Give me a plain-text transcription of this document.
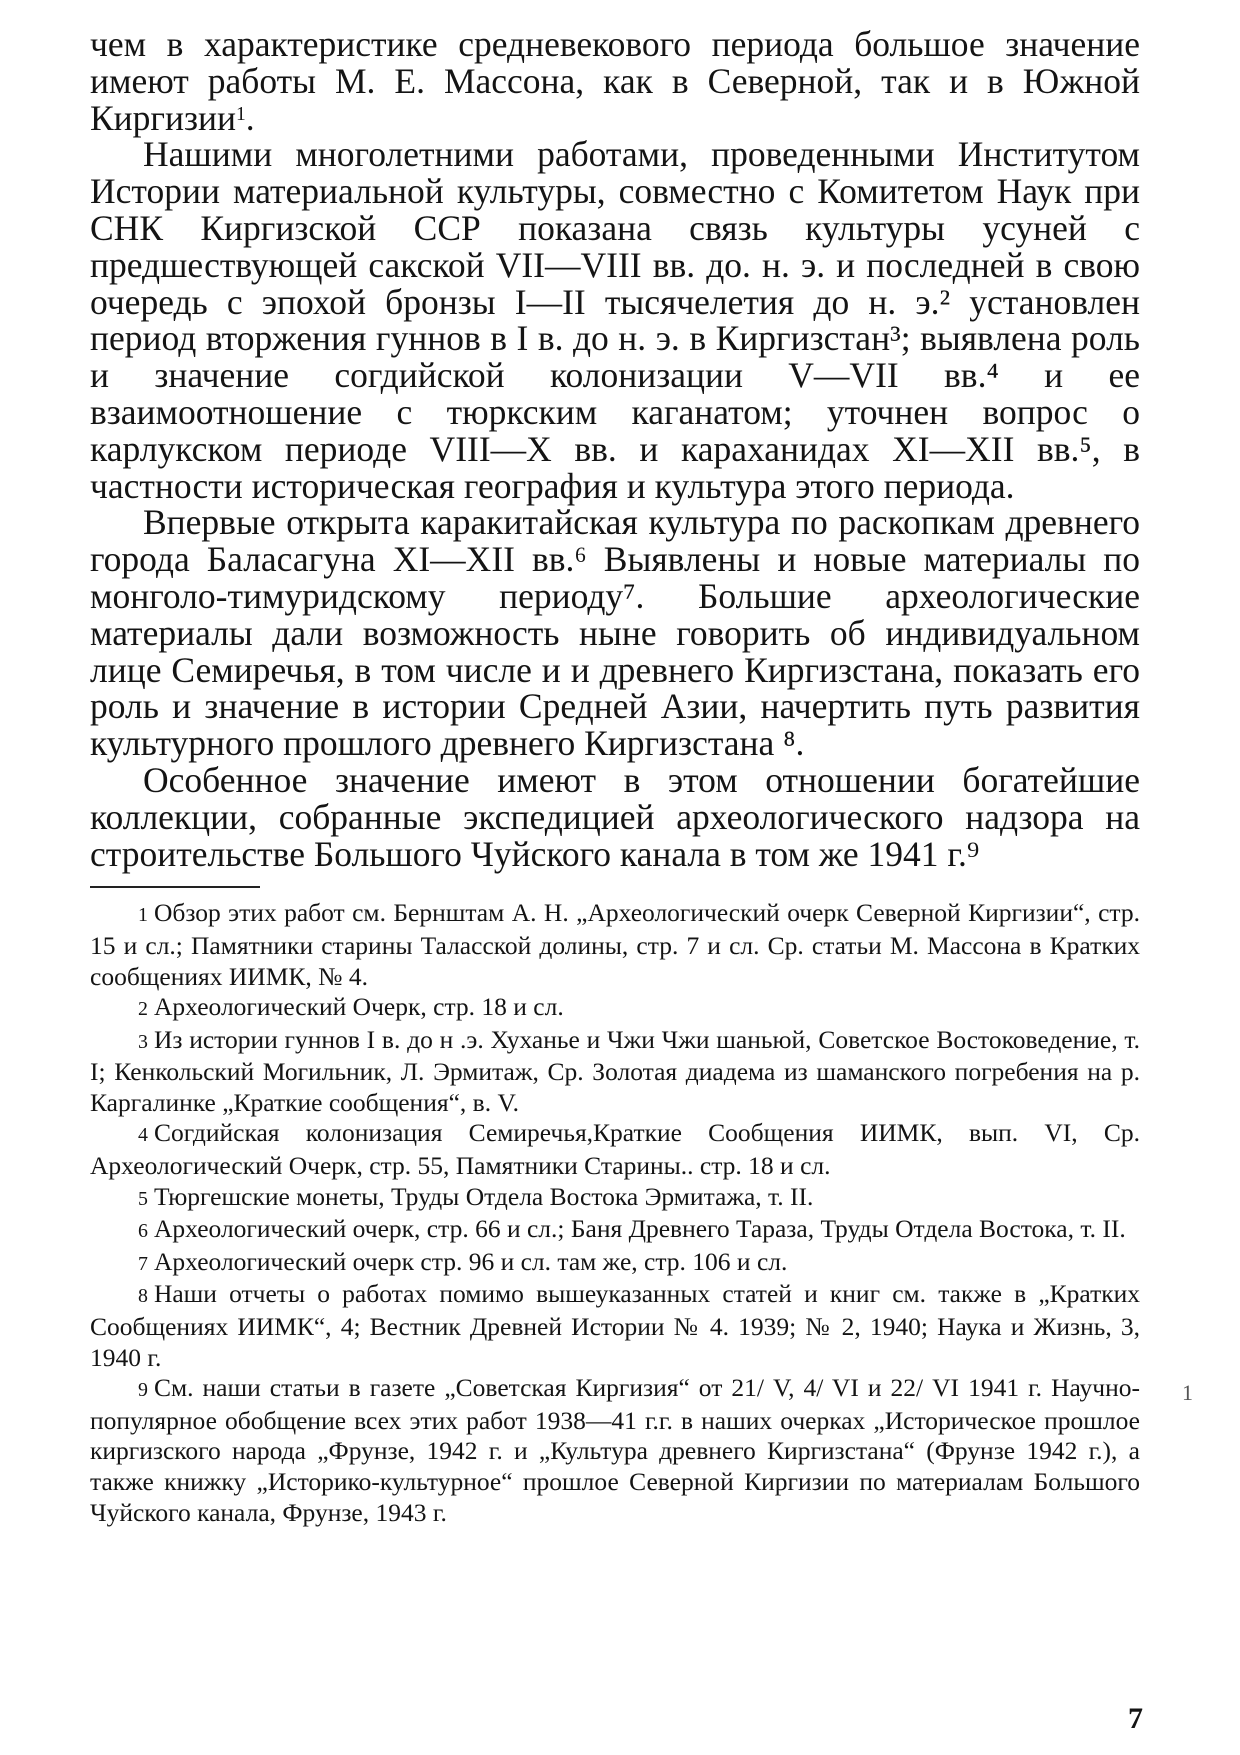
чем в характеристике средневекового периода большое значение имеют работы М. Е. Массона, как в Северной, так и в Южной Киргизии$^1$.

Нашими многолетними работами, проведенными Институтом Истории материальной культуры, совместно с Комитетом Наук при СНК Киргизской ССР показана связь культуры усуней с предшествующей сакской VII—VIII вв. до. н. э. и последней в свою очередь с эпохой бронзы I—II тысячелетия до н. э.² установлен период вторжения гуннов в I в. до н. э. в Киргизстан³; выявлена роль и значение согдийской колонизации V—VII вв.⁴ и ее взаимоотношение с тюркским каганатом; уточнен вопрос о карлукском периоде VIII—X вв. и караханидах XI—XII вв.⁵, в частности историческая география и культура этого периода.

Впервые открыта каракитайская культура по раскопкам древнего города Баласагуна XI—XII вв.⁶ Выявлены и новые материалы по монголо-тимуридскому периоду⁷. Большие археологические материалы дали возможность ныне говорить об индивидуальном лице Семиречья, в том числе и и древнего Киргизстана, показать его роль и значение в истории Средней Азии, начертить путь развития культурного прошлого древнего Киргизстана ⁸.

Особенное значение имеют в этом отношении богатейшие коллекции, собранные экспедицией археологического надзора на строительстве Большого Чуйского канала в том же 1941 г.⁹

1 Обзор этих работ см. Бернштам А. Н. „Археологический очерк Северной Киргизии“, стр. 15 и сл.; Памятники старины Таласской долины, стр. 7 и сл. Ср. статьи М. Массона в Кратких сообщениях ИИМК, № 4.

2 Археологический Очерк, стр. 18 и сл.

3 Из истории гуннов I в. до н .э. Хуханье и Чжи Чжи шаньюй, Советское Востоковедение, т. I; Кенкольский Могильник, Л. Эрмитаж, Ср. Золотая диадема из шаманского погребения на р. Каргалинке „Краткие сообщения“, в. V.

4 Согдийская колонизация Семиречья,Краткие Сообщения ИИМК, вып. VI, Ср. Археологический Очерк, стр. 55, Памятники Старины.. стр. 18 и сл.

5 Тюргешские монеты, Труды Отдела Востока Эрмитажа, т. II.

6 Археологический очерк, стр. 66 и сл.; Баня Древнего Тараза, Труды Отдела Востока, т. II.

7 Археологический очерк стр. 96 и сл. там же, стр. 106 и сл.

8 Наши отчеты о работах помимо вышеуказанных статей и книг см. также в „Кратких Сообщениях ИИМК“, 4; Вестник Древней Истории № 4. 1939; № 2, 1940; Наука и Жизнь, 3, 1940 г.

9 См. наши статьи в газете „Советская Киргизия“ от 21/ V, 4/ VI и 22/ VI 1941 г. Научно-популярное обобщение всех этих работ 1938—41 г.г. в наших очерках „Историческое прошлое киргизского народа „Фрунзе, 1942 г. и „Культура древнего Киргизстана“ (Фрунзе 1942 г.), а также книжку „Историко-культурное“ прошлое Северной Киргизии по материалам Большого Чуйского канала, Фрунзе, 1943 г.

1
7
